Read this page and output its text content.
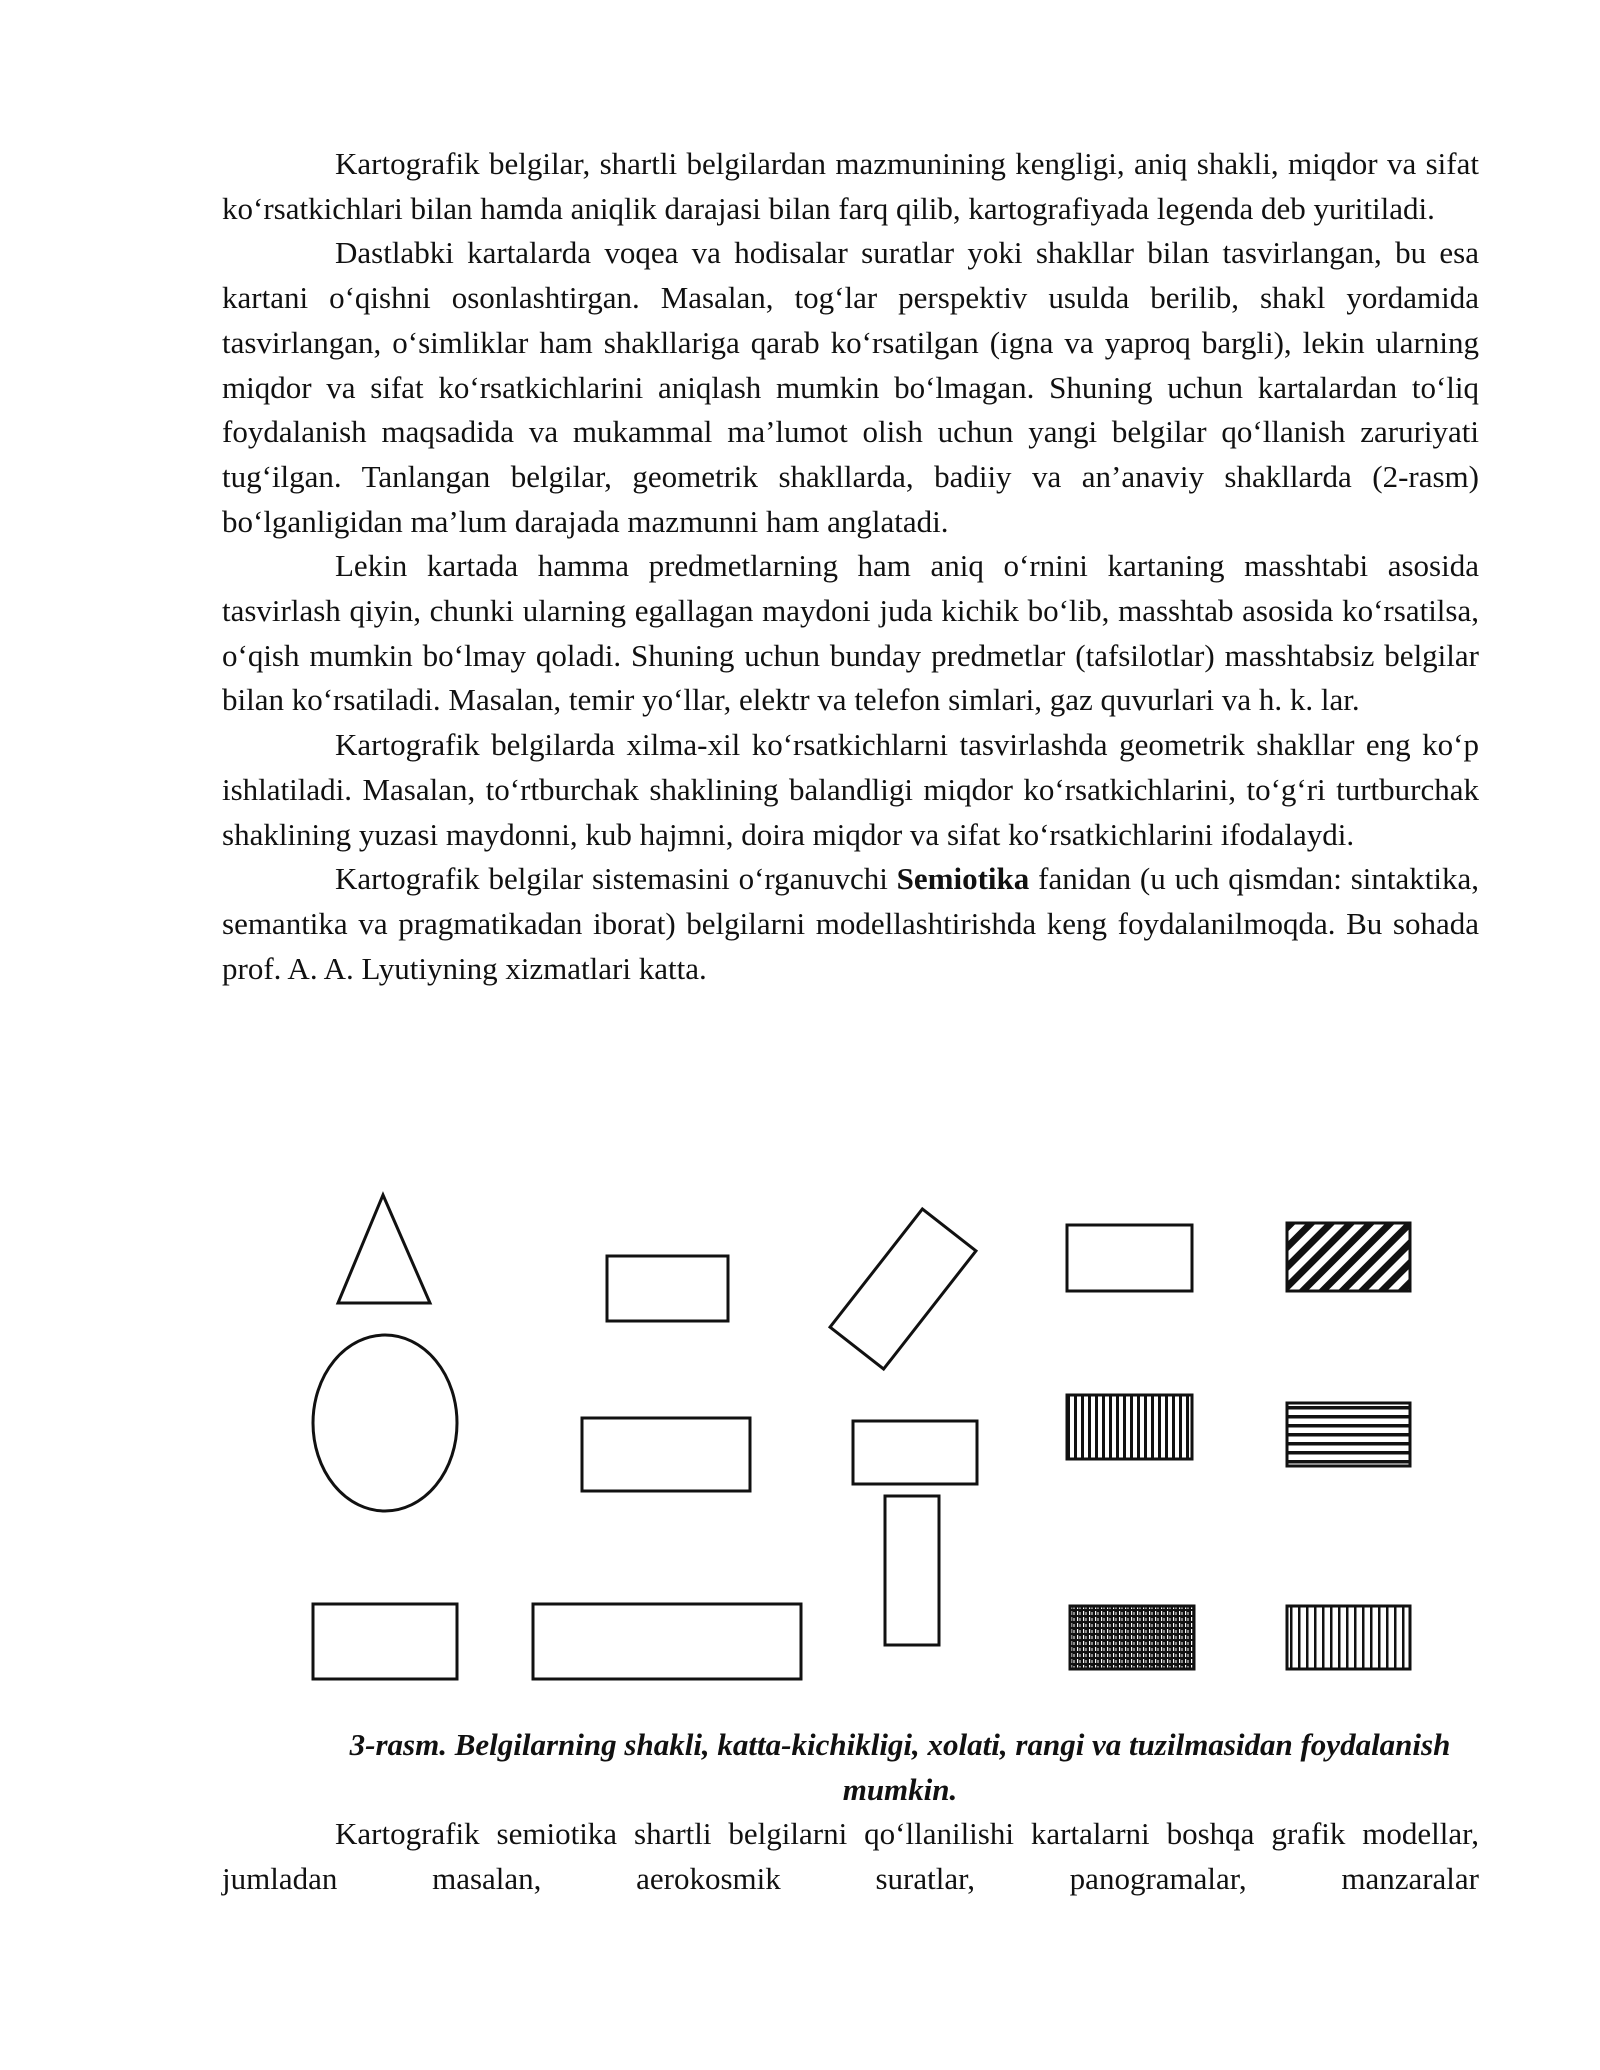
Kartografik belgilar, shartli belgilardan mazmunining kengligi, aniq shakli, miqdor va sifat ko‘rsatkichlari bilan hamda aniqlik darajasi bilan farq qilib, kartografiyada legenda deb yuritiladi.

Dastlabki kartalarda voqea va hodisalar suratlar yoki shakllar bilan tasvirlangan, bu esa kartani o‘qishni osonlashtirgan. Masalan, tog‘lar perspektiv usulda berilib, shakl yordamida tasvirlangan, o‘simliklar ham shakllariga qarab ko‘rsatilgan (igna va yaproq bargli), lekin ularning miqdor va sifat ko‘rsatkichlarini aniqlash mumkin bo‘lmagan. Shuning uchun kartalardan to‘liq foydalanish maqsadida va mukammal ma’lumot olish uchun yangi belgilar qo‘llanish zaruriyati tug‘ilgan. Tanlangan belgilar, geometrik shakllarda, badiiy va an’anaviy shakllarda (2-rasm) bo‘lganligidan ma’lum darajada mazmunni ham anglatadi.

Lekin kartada hamma predmetlarning ham aniq o‘rnini kartaning masshtabi asosida tasvirlash qiyin, chunki ularning egallagan maydoni juda kichik bo‘lib, masshtab asosida ko‘rsatilsa, o‘qish mumkin bo‘lmay qoladi. Shuning uchun bunday predmetlar (tafsilotlar) masshtabsiz belgilar bilan ko‘rsatiladi. Masalan, temir yo‘llar, elektr va telefon simlari, gaz quvurlari va h. k. lar.

Kartografik belgilarda xilma-xil ko‘rsatkichlarni tasvirlashda geometrik shakllar eng ko‘p ishlatiladi. Masalan, to‘rtburchak shaklining balandligi miqdor ko‘rsatkichlarini, to‘g‘ri turtburchak shaklining yuzasi maydonni, kub hajmni, doira miqdor va sifat ko‘rsatkichlarini ifodalaydi.

Kartografik belgilar sistemasini o‘rganuvchi Semiotika fanidan (u uch qismdan: sintaktika, semantika va pragmatikadan iborat) belgilarni modellashtirishda keng foydalanilmoqda. Bu sohada prof. A. A. Lyutiyning xizmatlari katta.

3-rasm. Belgilarning shakli, katta-kichikligi, xolati, rangi va tuzilmasidan foydalanish mumkin.

Kartografik semiotika shartli belgilarni qo‘llanilishi kartalarni boshqa grafik modellar, jumladan masalan, aerokosmik suratlar, panogramalar, manzaralar
